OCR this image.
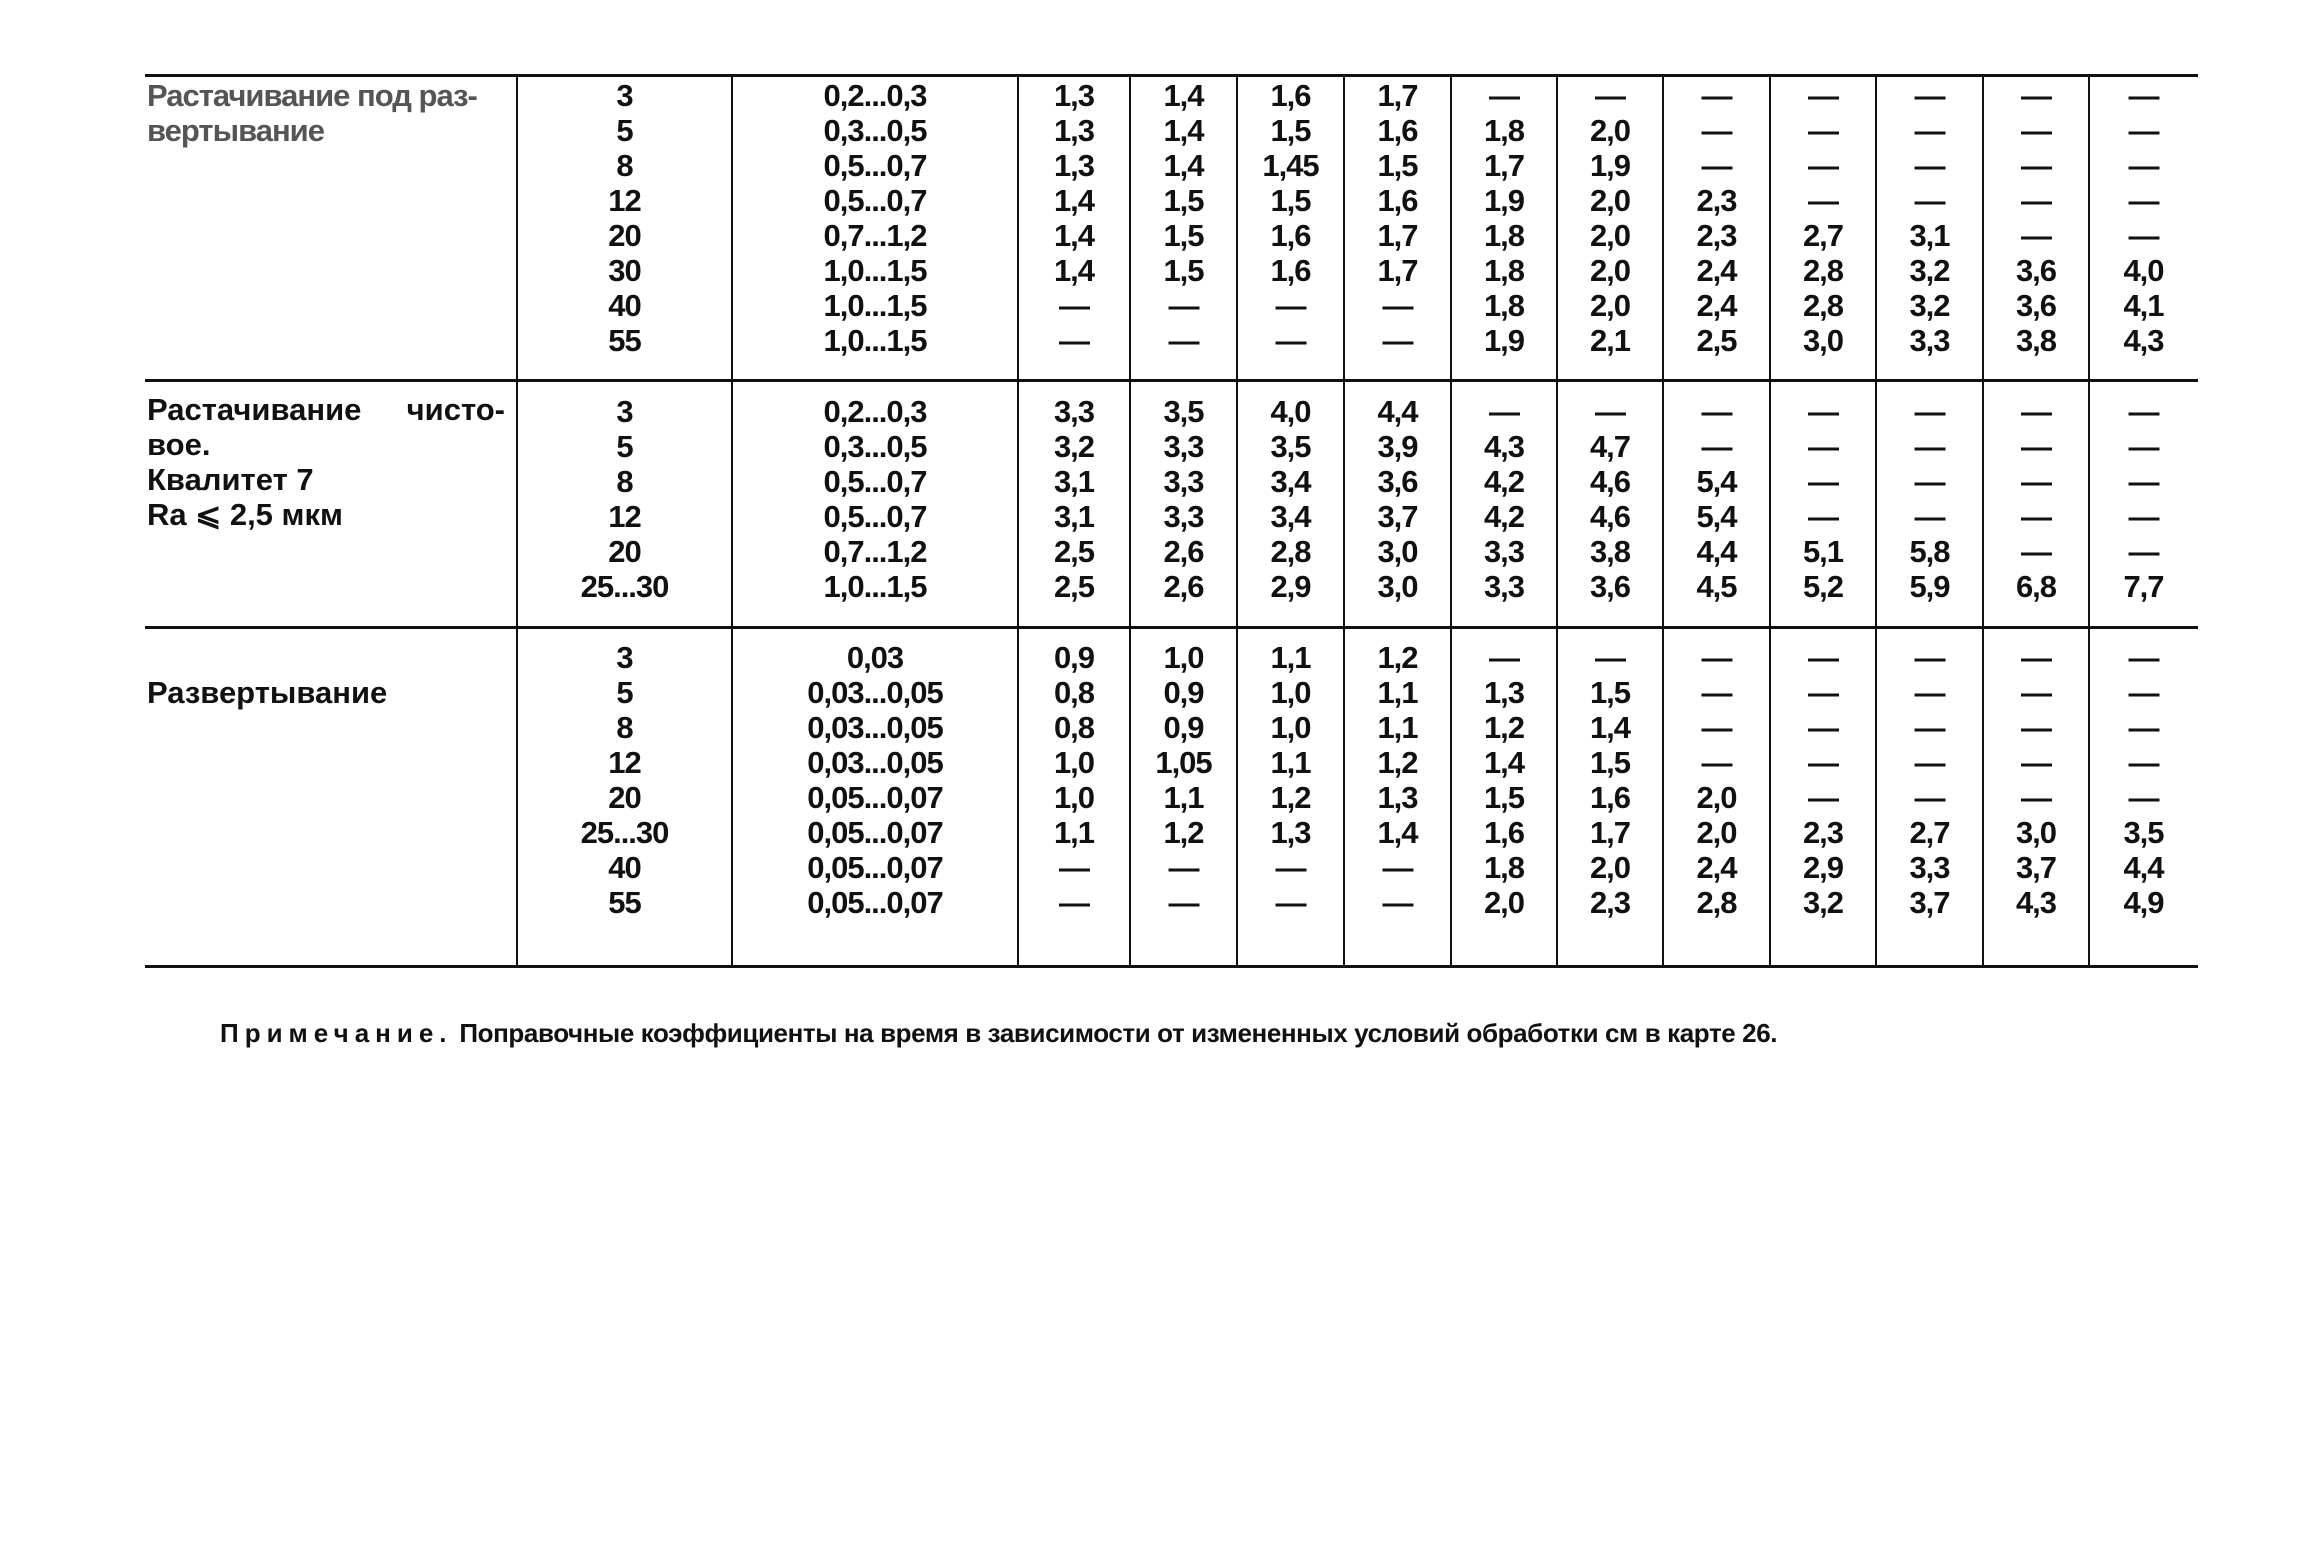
Растачивание под раз-
вертывание
3	0,2...0,3	1,3	1,4	1,6	1,7	—	—	—	—	—	—	—
5	0,3...0,5	1,3	1,4	1,5	1,6	1,8	2,0	—	—	—	—	—
8	0,5...0,7	1,3	1,4	1,45	1,5	1,7	1,9	—	—	—	—	—
12	0,5...0,7	1,4	1,5	1,5	1,6	1,9	2,0	2,3	—	—	—	—
20	0,7...1,2	1,4	1,5	1,6	1,7	1,8	2,0	2,3	2,7	3,1	—	—
30	1,0...1,5	1,4	1,5	1,6	1,7	1,8	2,0	2,4	2,8	3,2	3,6	4,0
40	1,0...1,5	—	—	—	—	1,8	2,0	2,4	2,8	3,2	3,6	4,1
55	1,0...1,5	—	—	—	—	1,9	2,1	2,5	3,0	3,3	3,8	4,3
Растачивание чисто-
вое.
Квалитет 7
Ra ⩽ 2,5 мкм
3	0,2...0,3	3,3	3,5	4,0	4,4	—	—	—	—	—	—	—
5	0,3...0,5	3,2	3,3	3,5	3,9	4,3	4,7	—	—	—	—	—
8	0,5...0,7	3,1	3,3	3,4	3,6	4,2	4,6	5,4	—	—	—	—
12	0,5...0,7	3,1	3,3	3,4	3,7	4,2	4,6	5,4	—	—	—	—
20	0,7...1,2	2,5	2,6	2,8	3,0	3,3	3,8	4,4	5,1	5,8	—	—
25...30	1,0...1,5	2,5	2,6	2,9	3,0	3,3	3,6	4,5	5,2	5,9	6,8	7,7
Развертывание
3	0,03	0,9	1,0	1,1	1,2	—	—	—	—	—	—	—
5	0,03...0,05	0,8	0,9	1,0	1,1	1,3	1,5	—	—	—	—	—
8	0,03...0,05	0,8	0,9	1,0	1,1	1,2	1,4	—	—	—	—	—
12	0,03...0,05	1,0	1,05	1,1	1,2	1,4	1,5	—	—	—	—	—
20	0,05...0,07	1,0	1,1	1,2	1,3	1,5	1,6	2,0	—	—	—	—
25...30	0,05...0,07	1,1	1,2	1,3	1,4	1,6	1,7	2,0	2,3	2,7	3,0	3,5
40	0,05...0,07	—	—	—	—	1,8	2,0	2,4	2,9	3,3	3,7	4,4
55	0,05...0,07	—	—	—	—	2,0	2,3	2,8	3,2	3,7	4,3	4,9
Примечание. Поправочные коэффициенты на время в зависимости от измененных условий обработки см в карте 26.
